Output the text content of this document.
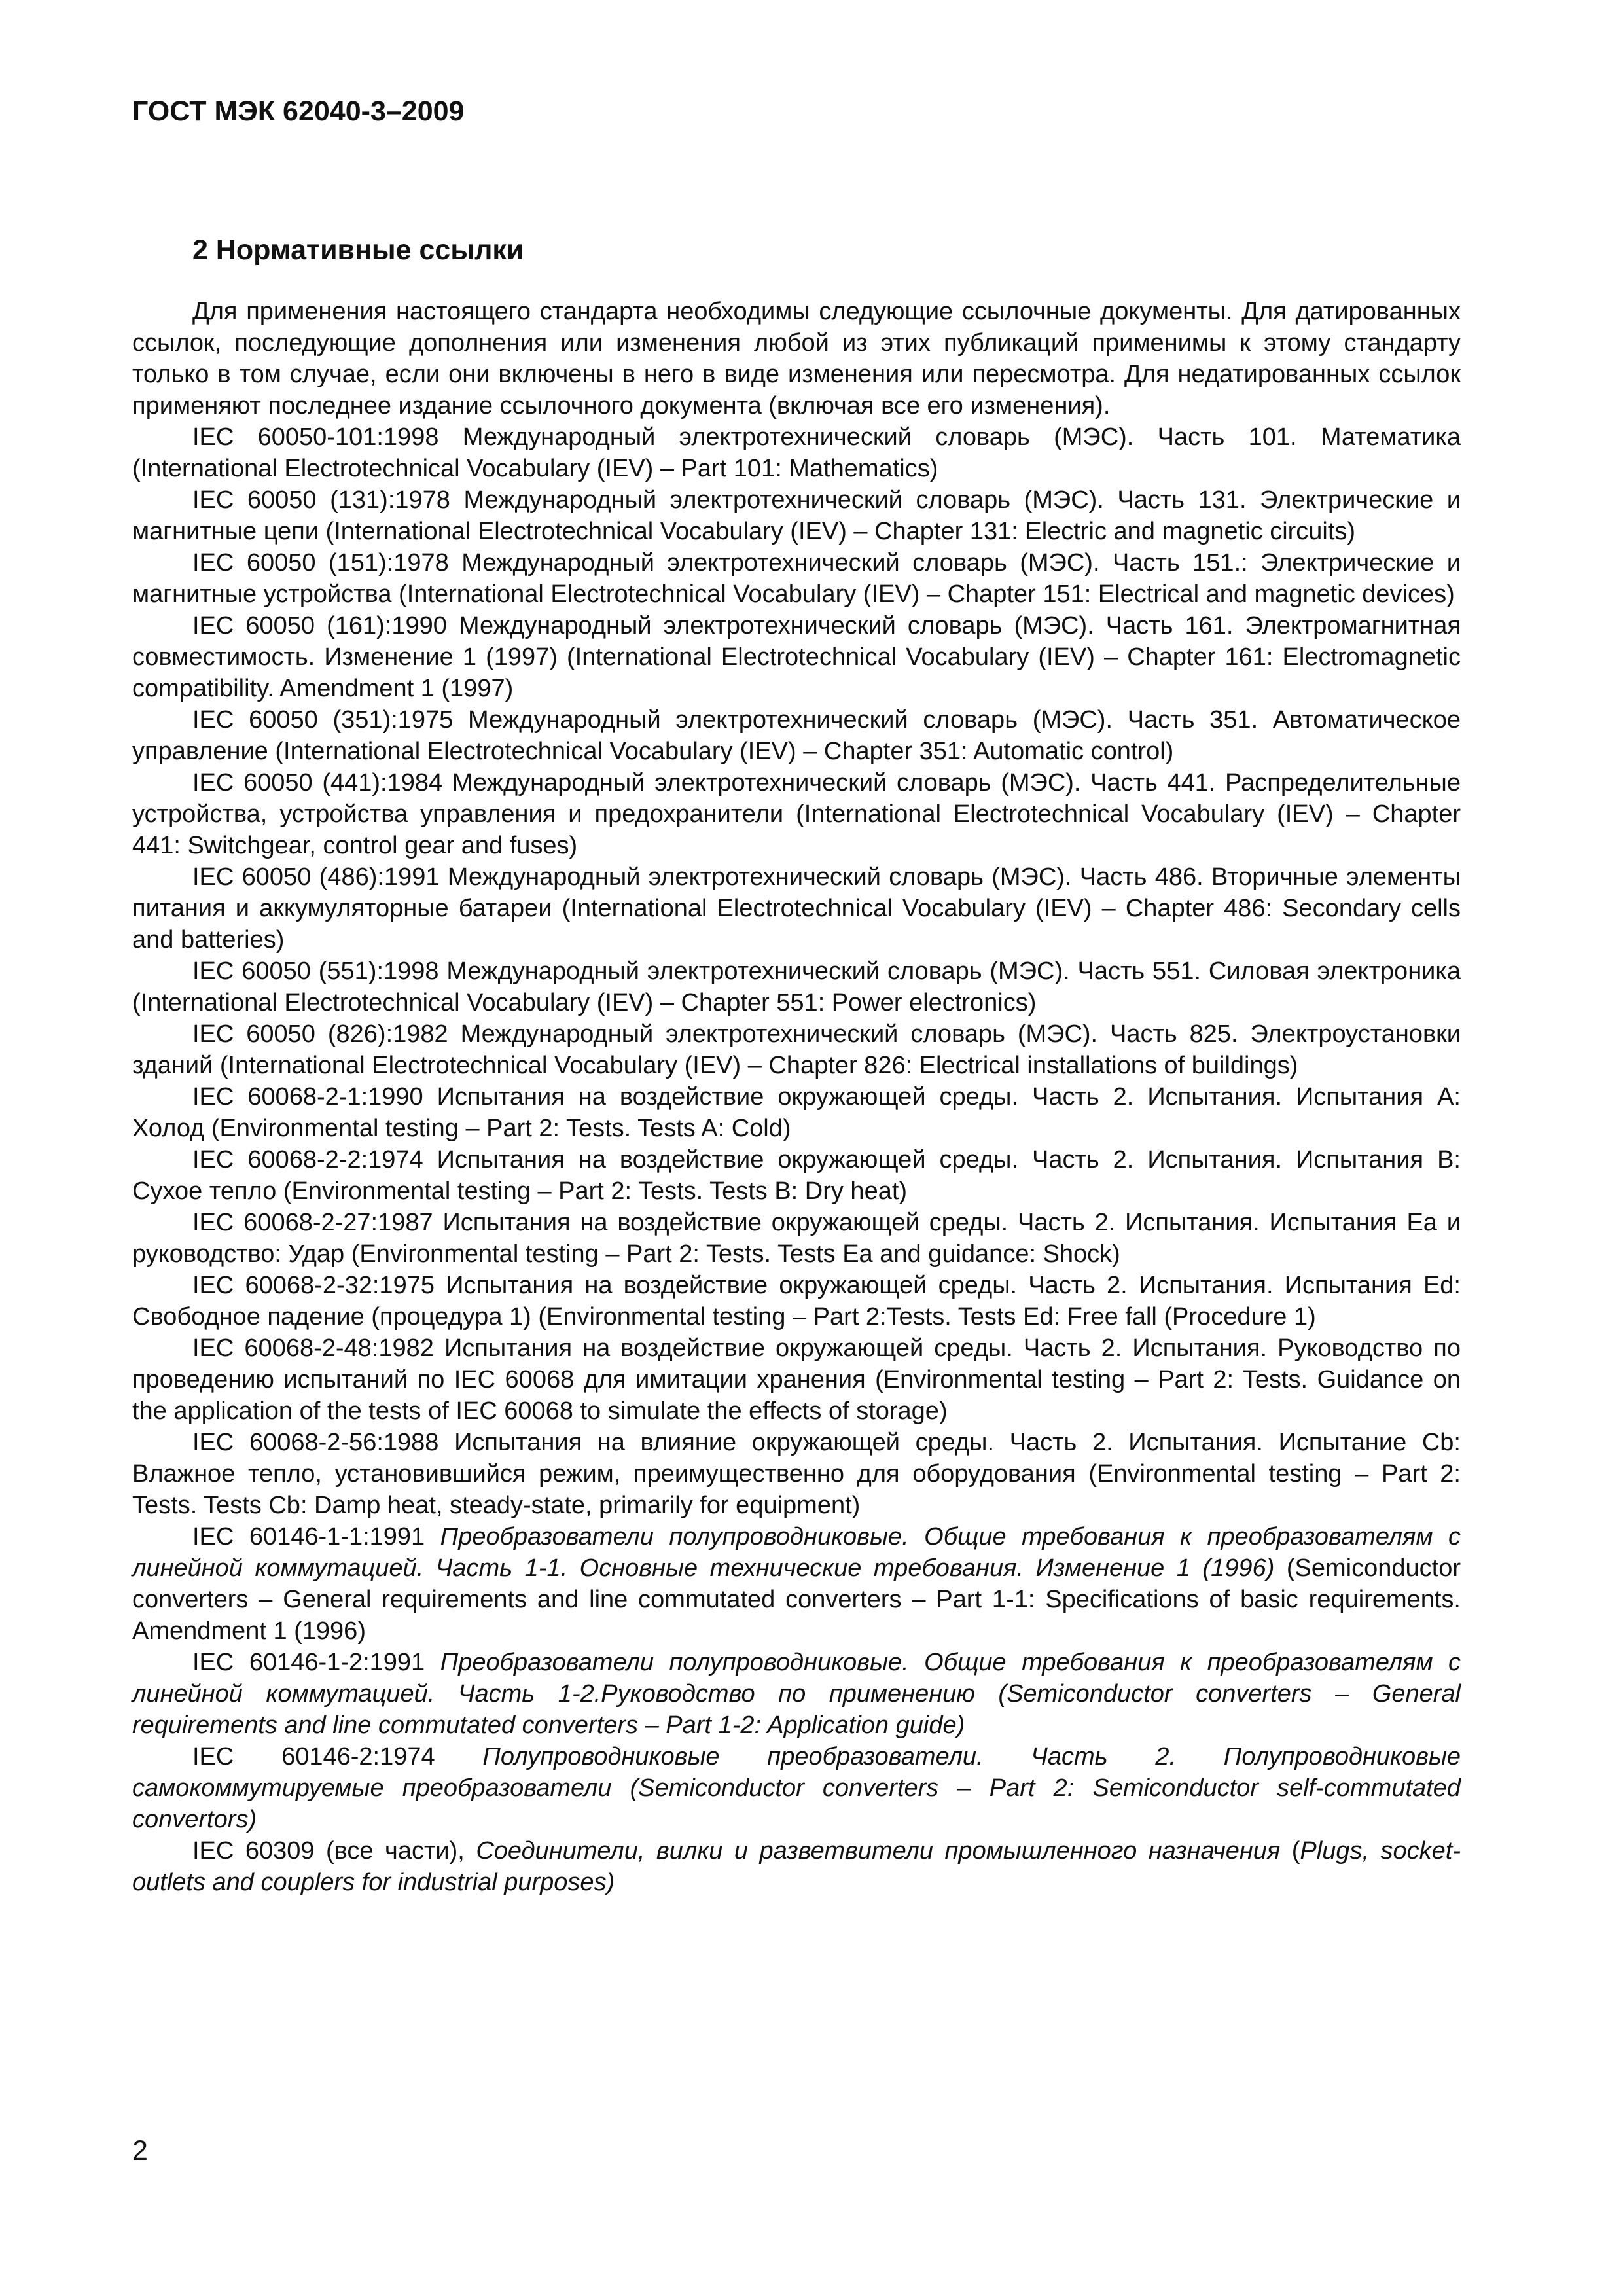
ГОСТ МЭК 62040-3–2009
2 Нормативные ссылки

Для применения настоящего стандарта необходимы следующие ссылочные документы. Для датированных ссылок, последующие дополнения или изменения любой из этих публикаций применимы к этому стандарту только в том случае, если они включены в него в виде изменения или пересмотра. Для недатированных ссылок применяют последнее издание ссылочного документа (включая все его изменения).

IEC 60050-101:1998 Международный электротехнический словарь (МЭС). Часть 101. Математика (International Electrotechnical Vocabulary (IEV) – Part 101: Mathematics)

IEC 60050 (131):1978 Международный электротехнический словарь (МЭС). Часть 131. Электрические и магнитные цепи (International Electrotechnical Vocabulary (IEV) – Chapter 131: Electric and magnetic circuits)

IEC 60050 (151):1978 Международный электротехнический словарь (МЭС). Часть 151.: Электрические и магнитные устройства (International Electrotechnical Vocabulary (IEV) – Chapter 151: Electrical and magnetic devices)

IEC 60050 (161):1990 Международный электротехнический словарь (МЭС). Часть 161. Электромагнитная совместимость. Изменение 1 (1997) (International Electrotechnical Vocabulary (IEV) – Chapter 161: Electromagnetic compatibility. Amendment 1 (1997)

IEC 60050 (351):1975 Международный электротехнический словарь (МЭС). Часть 351. Автоматическое управление (International Electrotechnical Vocabulary (IEV) – Chapter 351: Automatic control)

IEC 60050 (441):1984 Международный электротехнический словарь (МЭС). Часть 441. Распределительные устройства, устройства управления и предохранители (International Electrotechnical Vocabulary (IEV) – Chapter 441: Switchgear, control gear and fuses)

IEC 60050 (486):1991 Международный электротехнический словарь (МЭС). Часть 486. Вторичные элементы питания и аккумуляторные батареи (International Electrotechnical Vocabulary (IEV) – Chapter 486: Secondary cells and batteries)

IEC 60050 (551):1998 Международный электротехнический словарь (МЭС). Часть 551. Силовая электроника (International Electrotechnical Vocabulary (IEV) – Chapter 551: Power electronics)

IEC 60050 (826):1982 Международный электротехнический словарь (МЭС). Часть 825. Электроустановки зданий (International Electrotechnical Vocabulary (IEV) – Chapter 826: Electrical installations of buildings)

IEC 60068-2-1:1990 Испытания на воздействие окружающей среды. Часть 2. Испытания. Испытания А: Холод (Environmental testing – Part 2: Tests. Tests A: Cold)

IEC 60068-2-2:1974 Испытания на воздействие окружающей среды. Часть 2. Испытания. Испытания В: Сухое тепло (Environmental testing – Part 2: Tests. Tests B: Dry heat)

IEC 60068-2-27:1987 Испытания на воздействие окружающей среды. Часть 2. Испытания. Испытания Еа и руководство: Удар (Environmental testing – Part 2: Tests. Tests Ea and guidance: Shock)

IEC 60068-2-32:1975 Испытания на воздействие окружающей среды. Часть 2. Испытания. Испытания Ed: Свободное падение (процедура 1) (Environmental testing – Part 2:Tests. Tests Ed: Free fall (Procedure 1)

IEC 60068-2-48:1982 Испытания на воздействие окружающей среды. Часть 2. Испытания. Руководство по проведению испытаний по IEC 60068 для имитации хранения (Environmental testing – Part 2: Tests. Guidance on the application of the tests of IEC 60068 to simulate the effects of storage)

IEC 60068-2-56:1988 Испытания на влияние окружающей среды. Часть 2. Испытания. Испытание Cb: Влажное тепло, установившийся режим, преимущественно для оборудования (Environmental testing – Part 2: Tests. Tests Cb: Damp heat, steady-state, primarily for equipment)

IEC 60146-1-1:1991 Преобразователи полупроводниковые. Общие требования к преобразователям с линейной коммутацией. Часть 1-1. Основные технические требования. Изменение 1 (1996) (Semiconductor converters – General requirements and line commutated converters – Part 1-1: Specifications of basic requirements. Amendment 1 (1996)

IEC 60146-1-2:1991 Преобразователи полупроводниковые. Общие требования к преобразователям с линейной коммутацией. Часть 1-2.Руководство по применению (Semiconductor converters – General requirements and line commutated converters – Part 1-2: Application guide)

IEC 60146-2:1974 Полупроводниковые преобразователи. Часть 2. Полупроводниковые самокоммутируемые преобразователи (Semiconductor converters – Part 2: Semiconductor self-commutated convertors)

IEC 60309 (все части), Соединители, вилки и разветвители промышленного назначения (Plugs, socket-outlets and couplers for industrial purposes)

2
